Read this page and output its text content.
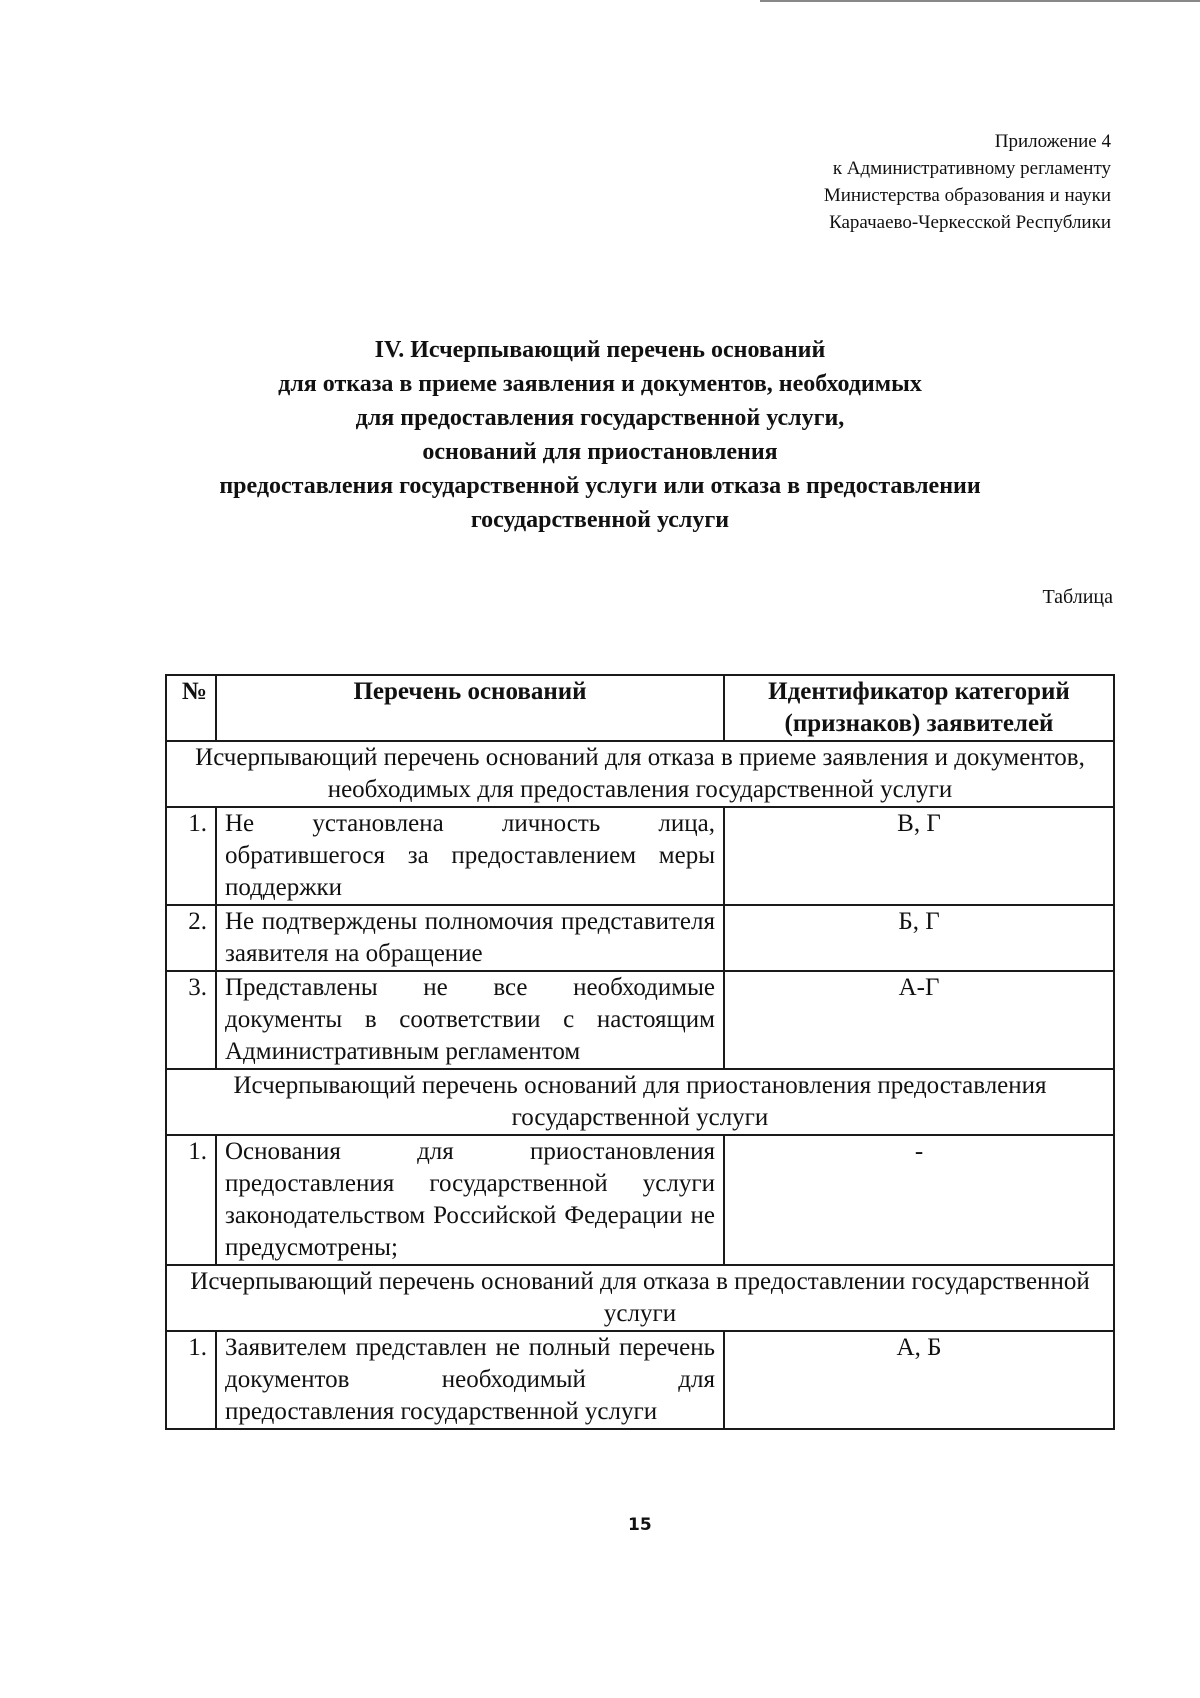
Приложение 4
к Административному регламенту
Министерства образования и науки
Карачаево-Черкесской Республики
IV. Исчерпывающий перечень оснований
для отказа в приеме заявления и документов, необходимых
для предоставления государственной услуги,
оснований для приостановления
предоставления государственной услуги или отказа в предоставлении
государственной услуги
Таблица
№	Перечень оснований	Идентификатор категорий (признаков) заявителей
Исчерпывающий перечень оснований для отказа в приеме заявления и документов, необходимых для предоставления государственной услуги		
1.	Не установлена личность лица, обратившегося за предоставлением меры поддержки	В, Г
2.	Не подтверждены полномочия представителя заявителя на обращение	Б, Г
3.	Представлены не все необходимые документы в соответствии с настоящим Административным регламентом	А-Г
Исчерпывающий перечень оснований для приостановления предоставления государственной услуги		
1.	Основания для приостановления предоставления государственной услуги законодательством Российской Федерации не предусмотрены;	-
Исчерпывающий перечень оснований для отказа в предоставлении государственной услуги		
1.	Заявителем представлен не полный перечень документов необходимый для предоставления государственной услуги	А, Б
15
